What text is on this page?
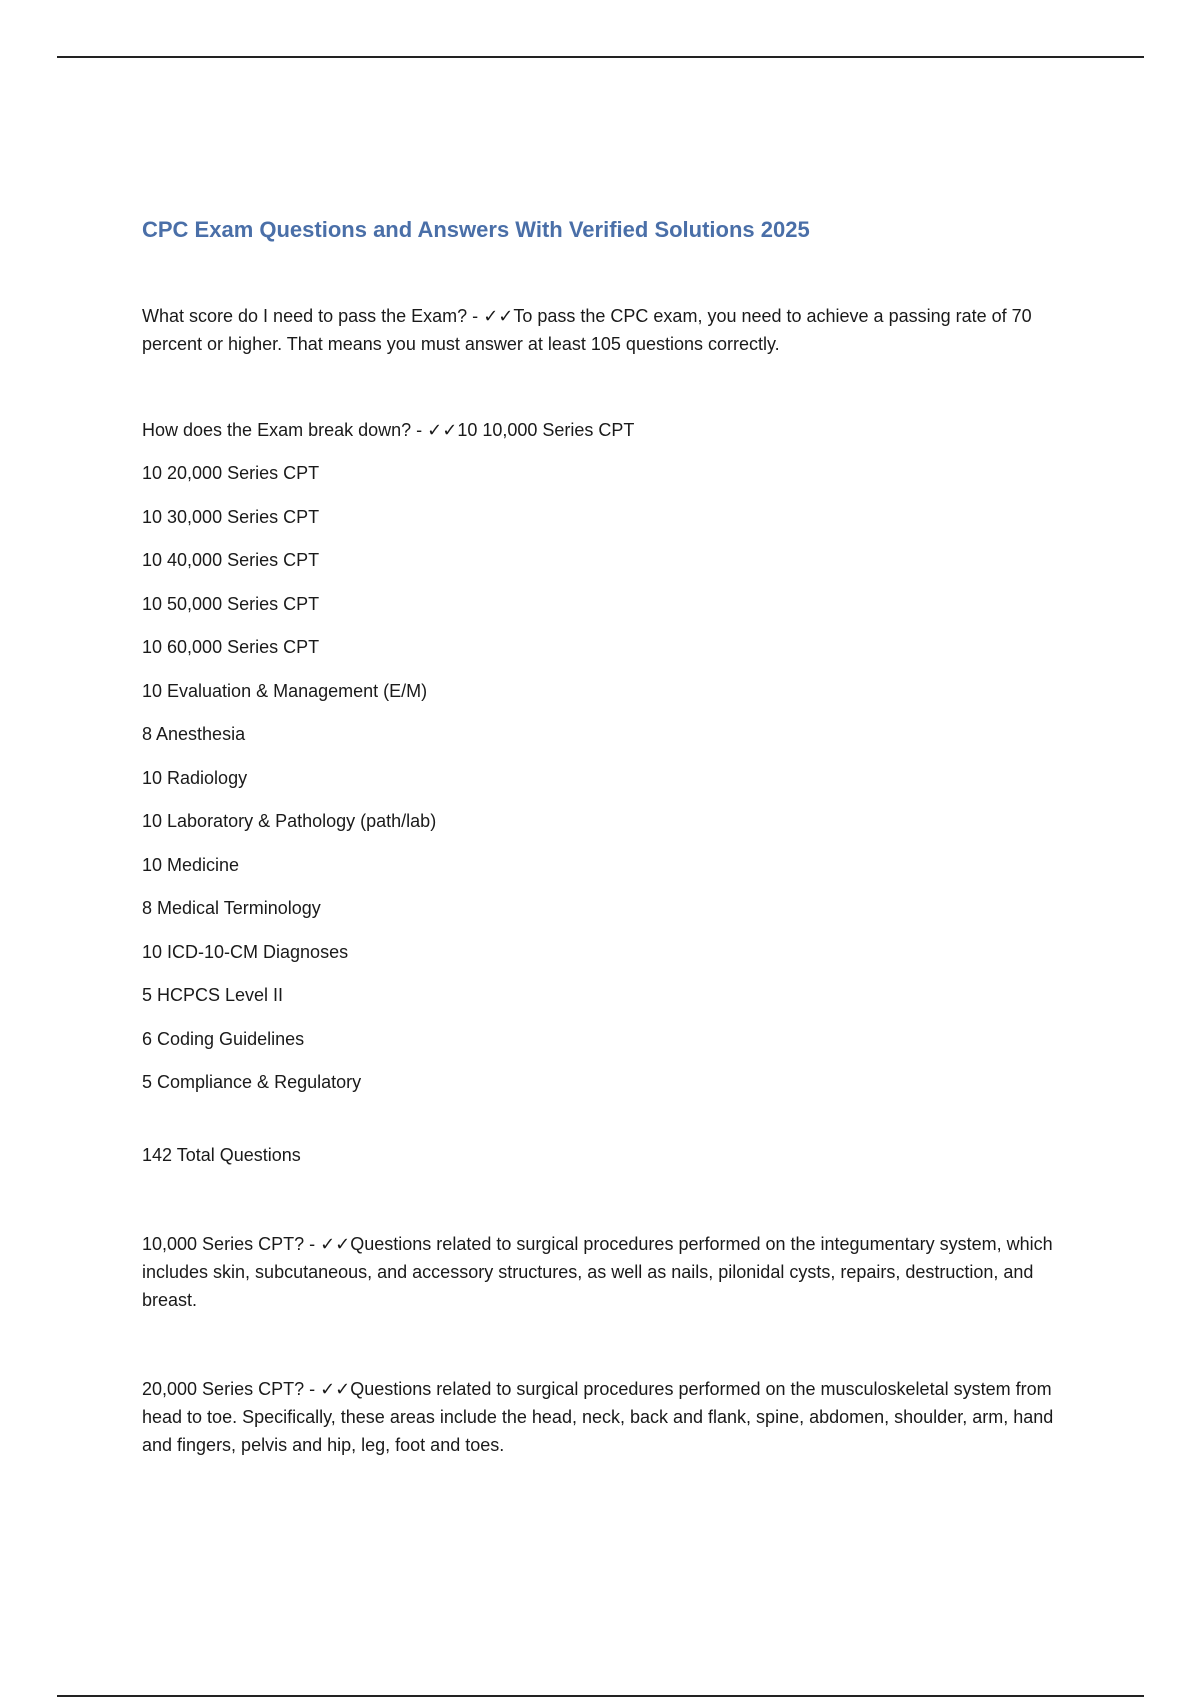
CPC Exam Questions and Answers With Verified Solutions 2025

What score do I need to pass the Exam? - ✓✓To pass the CPC exam, you need to achieve a passing rate of 70 percent or higher. That means you must answer at least 105 questions correctly.

How does the Exam break down? - ✓✓10 10,000 Series CPT

10 20,000 Series CPT
10 30,000 Series CPT
10 40,000 Series CPT
10 50,000 Series CPT
10 60,000 Series CPT
10 Evaluation & Management (E/M)
8 Anesthesia
10 Radiology
10 Laboratory & Pathology (path/lab)
10 Medicine
8 Medical Terminology
10 ICD-10-CM Diagnoses
5 HCPCS Level II
6 Coding Guidelines
5 Compliance & Regulatory

142 Total Questions

10,000 Series CPT? - ✓✓Questions related to surgical procedures performed on the integumentary system, which includes skin, subcutaneous, and accessory structures, as well as nails, pilonidal cysts, repairs, destruction, and breast.

20,000 Series CPT? - ✓✓Questions related to surgical procedures performed on the musculoskeletal system from head to toe. Specifically, these areas include the head, neck, back and flank, spine, abdomen, shoulder, arm, hand and fingers, pelvis and hip, leg, foot and toes.
